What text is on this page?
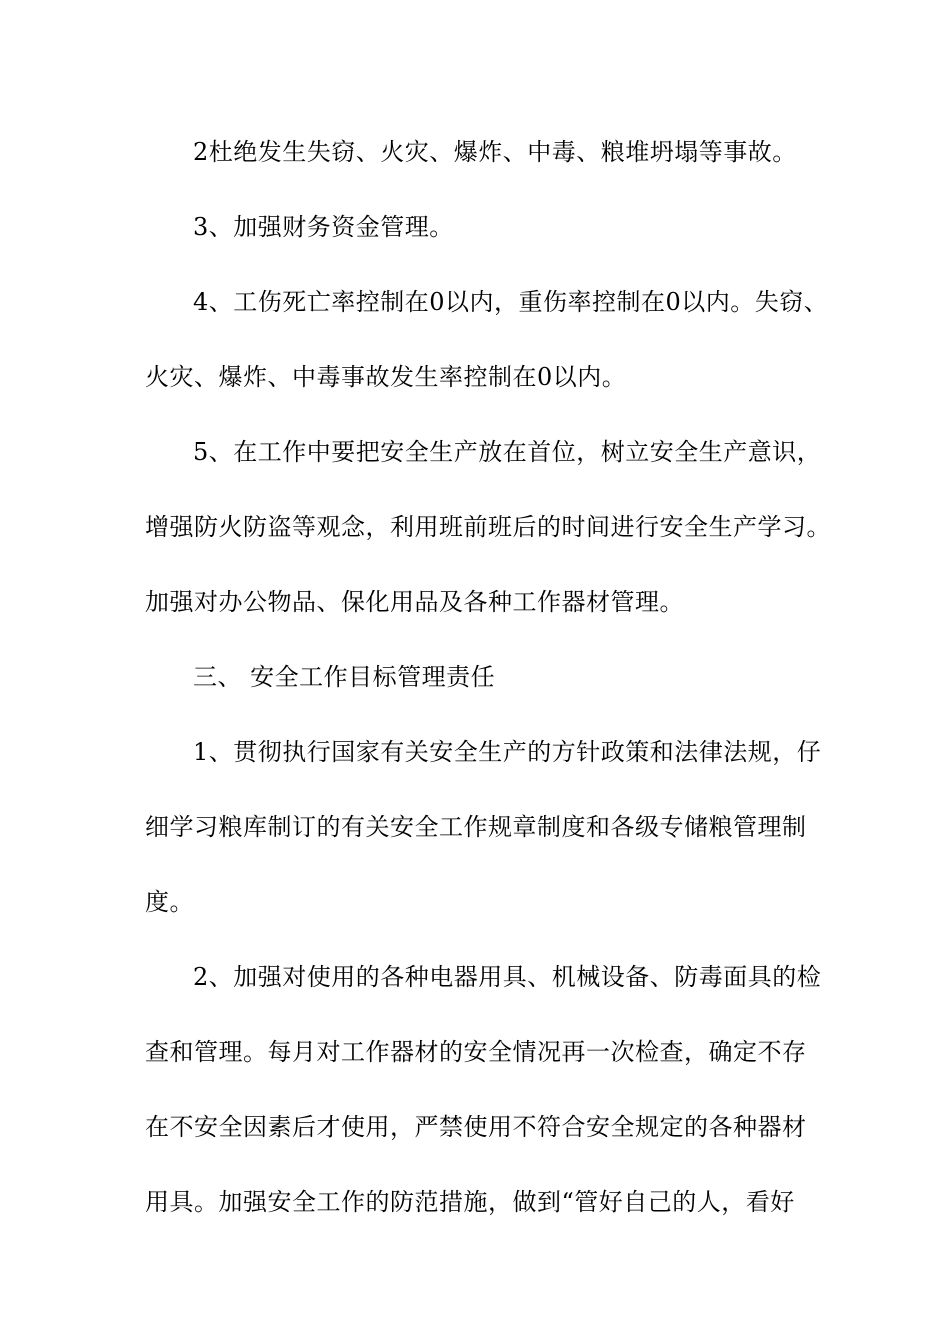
2杜绝发生失窃、火灾、爆炸、中毒、粮堆坍塌等事故。
3、加强财务资金管理。
4、工伤死亡率控制在0以内，重伤率控制在0以内。失窃、
火灾、爆炸、中毒事故发生率控制在0以内。
5、在工作中要把安全生产放在首位，树立安全生产意识，
增强防火防盗等观念，利用班前班后的时间进行安全生产学习。
加强对办公物品、保化用品及各种工作器材管理。
三、 安全工作目标管理责任
1、贯彻执行国家有关安全生产的方针政策和法律法规，仔
细学习粮库制订的有关安全工作规章制度和各级专储粮管理制
度。
2、加强对使用的各种电器用具、机械设备、防毒面具的检
查和管理。每月对工作器材的安全情况再一次检查，确定不存
在不安全因素后才使用，严禁使用不符合安全规定的各种器材
用具。加强安全工作的防范措施，做到“管好自己的人，看好
